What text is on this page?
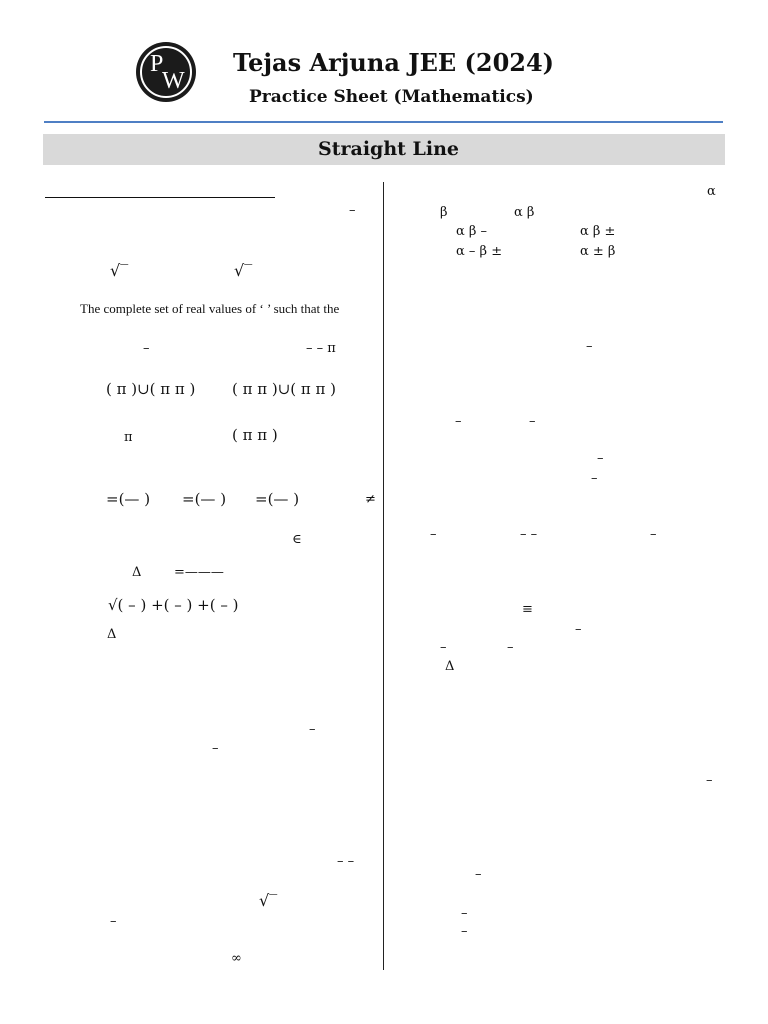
P
W
Tejas Arjuna JEE (2024)
Practice Sheet (Mathematics)
Straight Line
–
√‾	√‾
The complete set of real values of ‘ ’ such that the
–	– – π
( π )∪( π π ) ( π π )∪( π π )
π	( π π )
=(— ) =(— ) =(— )	≠
∈
Δ	=———
√( – ) +( – ) +( – )
Δ
–
–
– –
√‾
–
∞
α
β	α β
α β –	α β ±
α – β ±	α ± β
–
–	–
–
–
–	– –	–
≡
–
–	–
Δ
–
–
–
–
